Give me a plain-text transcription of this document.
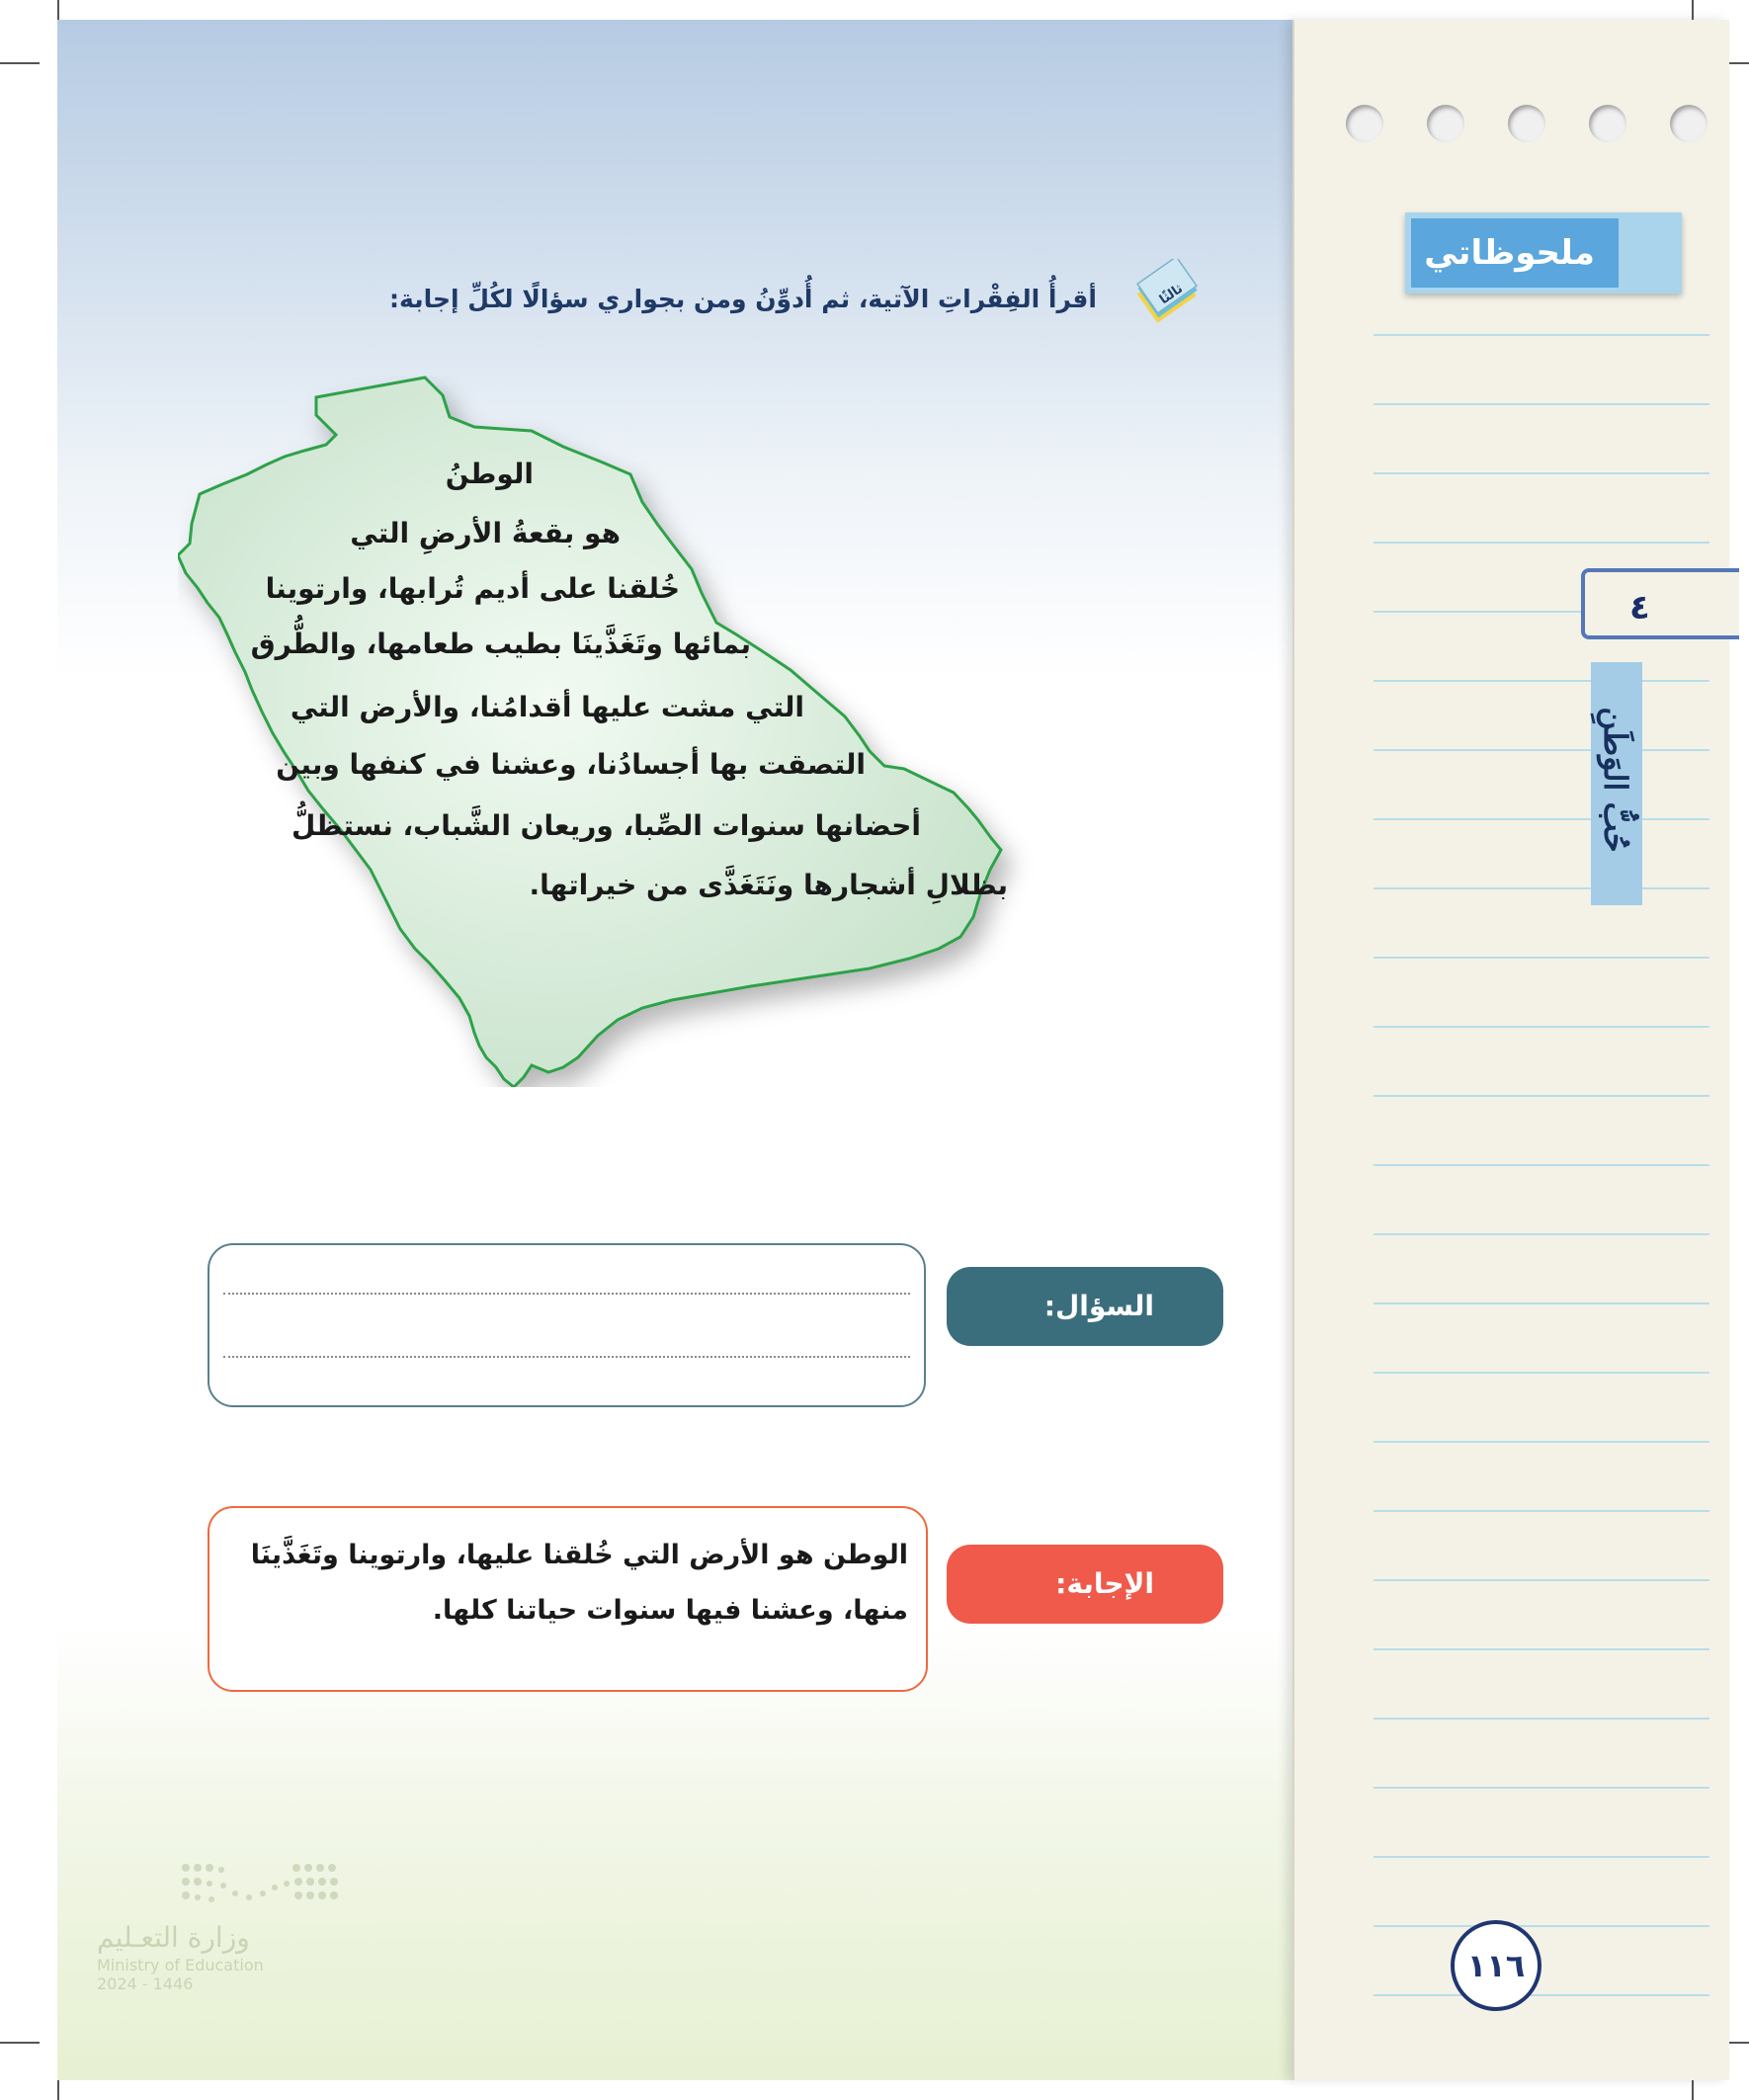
أقرأُ الفِقْراتِ الآتية، ثم أُدوِّنُ ومن بجواري سؤالًا لكُلِّ إجابة:	ثالثًا
الوطنُ
هو بقعةُ الأرضِ التي
خُلقنا على أديم تُرابها، وارتوينا
بمائها وتَغَذَّينَا بطيب طعامها، والطُّرق
التي مشت عليها أقدامُنا، والأرض التي
التصقت بها أجسادُنا، وعشنا في كنفها وبين
أحضانها سنوات الصِّبا، وريعان الشَّباب، نستظلُّ
بظلالِ أشجارها ونَتَغَذَّى من خيراتها.
السؤال:
الوطن هو الأرض التي خُلقنا عليها، وارتوينا وتَغَذَّينَا منها، وعشنا فيها سنوات حياتنا كلها.
الإجابة:
وزارة التعـليم
Ministry of Education
2024 - 1446
ملحوظاتي
٤
حُبُّ الوَطَنِ
١١٦
